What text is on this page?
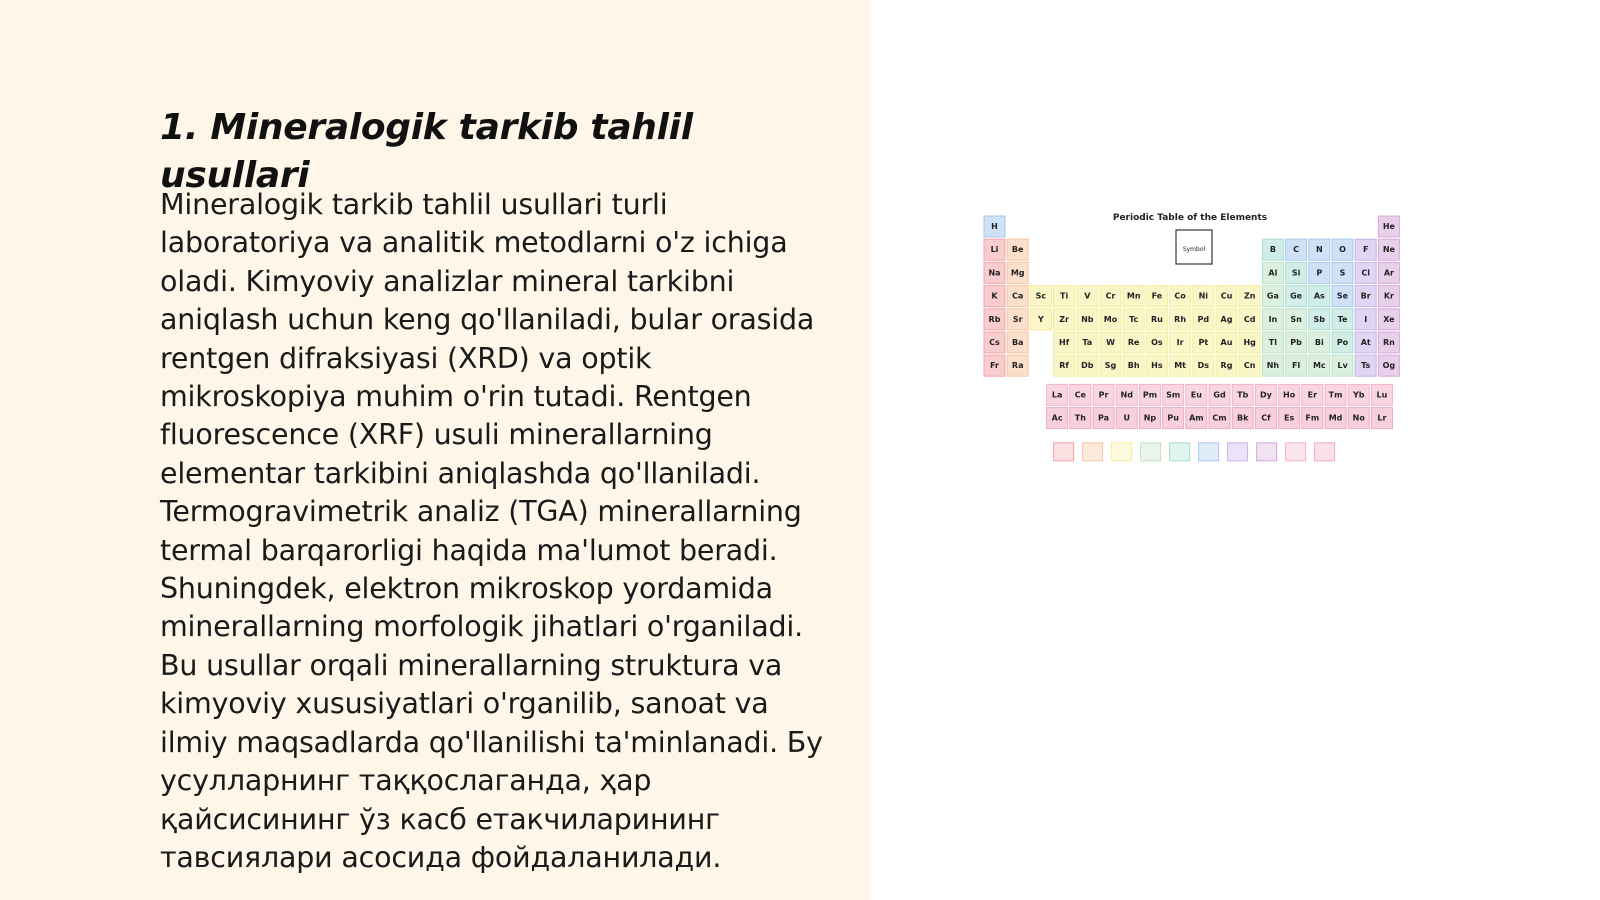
1. Mineralogik tarkib tahlil usullari

Mineralogik tarkib tahlil usullari turli laboratoriya va analitik metodlarni o'z ichiga oladi. Kimyoviy analizlar mineral tarkibni aniqlash uchun keng qo'llaniladi, bular orasida rentgen difraksiyasi (XRD) va optik mikroskopiya muhim o'rin tutadi. Rentgen fluorescence (XRF) usuli minerallarning elementar tarkibini aniqlashda qo'llaniladi. Termogravimetrik analiz (TGA) minerallarning termal barqarorligi haqida ma'lumot beradi. Shuningdek, elektron mikroskop yordamida minerallarning morfologik jihatlari o'rganiladi. Bu usullar orqali minerallarning struktura va kimyoviy xususiyatlari o'rganilib, sanoat va ilmiy maqsadlarda qo'llanilishi ta'minlanadi. Бу усулларнинг таққослаганда, ҳар қайсисининг ўз касб етакчиларининг тавсиялари асосида фойдаланилади.

Periodic Table of the Elements
Symbol
H	He
Li Be	B C N O F Ne
Na Mg	Al Si P S Cl Ar
K Ca Sc Ti V Cr Mn Fe Co Ni Cu Zn Ga Ge As Se Br Kr
Rb Sr Y Zr Nb Mo Tc Ru Rh Pd Ag Cd In Sn Sb Te I Xe
Cs Ba	Hf Ta W Re Os Ir Pt Au Hg Tl Pb Bi Po At Rn
Fr Ra	Rf Db Sg Bh Hs Mt Ds Rg Cn Nh Fl Mc Lv Ts Og
La Ce Pr Nd Pm Sm Eu Gd Tb Dy Ho Er Tm Yb Lu
Ac Th Pa U Np Pu Am Cm Bk Cf Es Fm Md No Lr
